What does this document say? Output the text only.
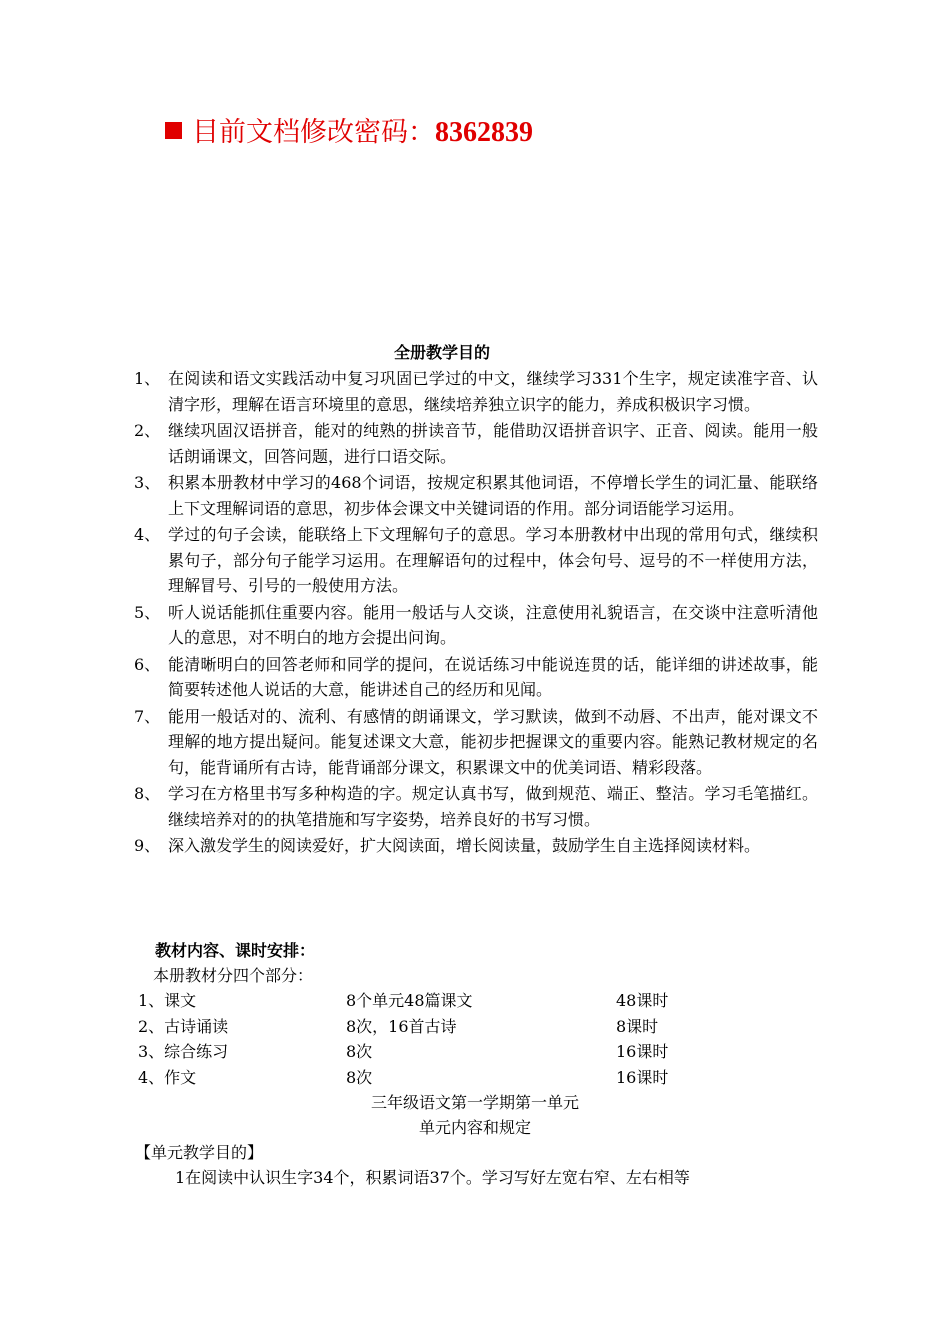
目前文档修改密码：8362839
全册教学目的
1、 在阅读和语文实践活动中复习巩固已学过的中文，继续学习331个生字，规定读准字音、认清字形，理解在语言环境里的意思，继续培养独立识字的能力，养成积极识字习惯。
2、 继续巩固汉语拼音，能对的纯熟的拼读音节，能借助汉语拼音识字、正音、阅读。能用一般话朗诵课文，回答问题，进行口语交际。
3、 积累本册教材中学习的468个词语，按规定积累其他词语，不停增长学生的词汇量、能联络上下文理解词语的意思，初步体会课文中关键词语的作用。部分词语能学习运用。
4、 学过的句子会读，能联络上下文理解句子的意思。学习本册教材中出现的常用句式，继续积累句子，部分句子能学习运用。在理解语句的过程中，体会句号、逗号的不一样使用方法，理解冒号、引号的一般使用方法。
5、 听人说话能抓住重要内容。能用一般话与人交谈，注意使用礼貌语言，在交谈中注意听清他人的意思，对不明白的地方会提出问询。
6、 能清晰明白的回答老师和同学的提问，在说话练习中能说连贯的话，能详细的讲述故事，能简要转述他人说话的大意，能讲述自己的经历和见闻。
7、 能用一般话对的、流利、有感情的朗诵课文，学习默读，做到不动唇、不出声，能对课文不理解的地方提出疑问。能复述课文大意，能初步把握课文的重要内容。能熟记教材规定的名句，能背诵所有古诗，能背诵部分课文，积累课文中的优美词语、精彩段落。
8、 学习在方格里书写多种构造的字。规定认真书写，做到规范、端正、整洁。学习毛笔描红。继续培养对的的执笔措施和写字姿势，培养良好的书写习惯。
9、 深入激发学生的阅读爱好，扩大阅读面，增长阅读量，鼓励学生自主选择阅读材料。
教材内容、课时安排：
本册教材分四个部分：
1、课文	8个单元48篇课文	48课时
2、古诗诵读	8次，16首古诗	8课时
3、综合练习	8次	16课时
4、作文	8次	16课时
三年级语文第一学期第一单元
单元内容和规定
【单元教学目的】
1在阅读中认识生字34个，积累词语37个。学习写好左宽右窄、左右相等
